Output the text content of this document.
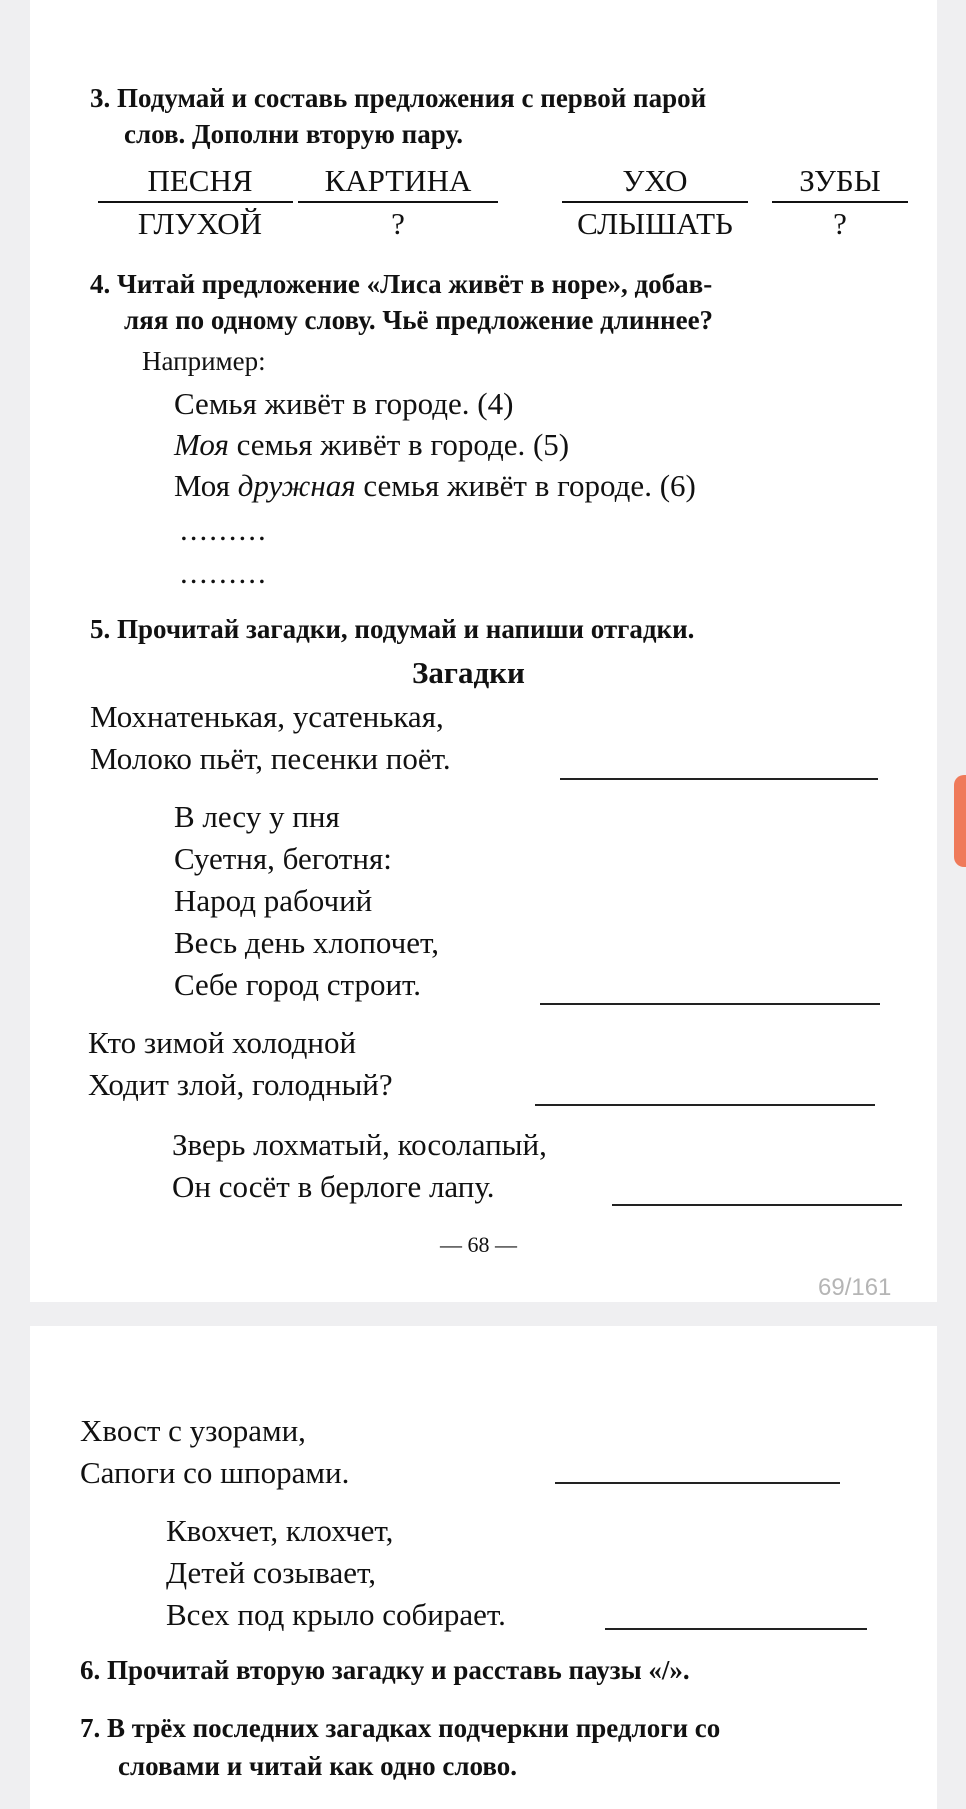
3. Подумай и составь предложения с первой парой
слов. Дополни вторую пару.
ПЕСНЯ
ГЛУХОЙ
КАРТИНА
?
УХО
СЛЫШАТЬ
ЗУБЫ
?
4. Читай предложение «Лиса живёт в норе», добав-
ляя по одному слову. Чьё предложение длиннее?
Например:
Семья живёт в городе. (4)
Моя семья живёт в городе. (5)
Моя дружная семья живёт в городе. (6)
.........
.........
5. Прочитай загадки, подумай и напиши отгадки.
Загадки
Мохнатенькая, усатенькая,
Молоко пьёт, песенки поёт.
В лесу у пня
Суетня, беготня:
Народ рабочий
Весь день хлопочет,
Себе город строит.
Кто зимой холодной
Ходит злой, голодный?
Зверь лохматый, косолапый,
Он сосёт в берлоге лапу.
— 68 —
69/161
Хвост с узорами,
Сапоги со шпорами.
Квохчет, клохчет,
Детей созывает,
Всех под крыло собирает.
6. Прочитай вторую загадку и расставь паузы «/».
7. В трёх последних загадках подчеркни предлоги со
словами и читай как одно слово.
